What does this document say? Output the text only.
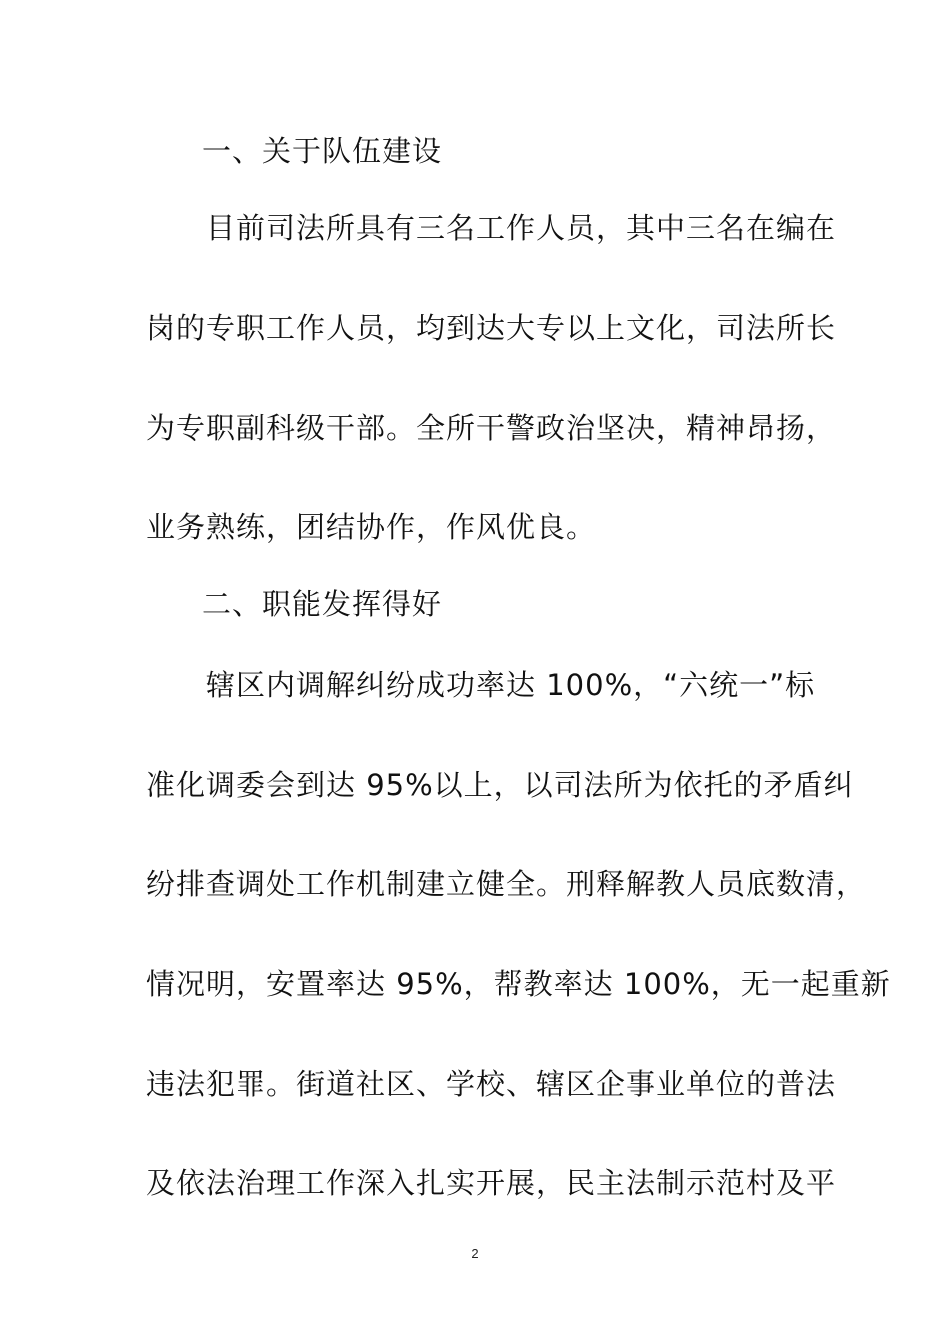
一、关于队伍建设
目前司法所具有三名工作人员，其中三名在编在
岗的专职工作人员，均到达大专以上文化，司法所长
为专职副科级干部。全所干警政治坚决，精神昂扬，
业务熟练，团结协作，作风优良。
二、职能发挥得好
辖区内调解纠纷成功率达 100%，“六统一”标
准化调委会到达 95%以上，以司法所为依托的矛盾纠
纷排查调处工作机制建立健全。刑释解教人员底数清，
情况明，安置率达 95%，帮教率达 100%，无一起重新
违法犯罪。街道社区、学校、辖区企事业单位的普法
及依法治理工作深入扎实开展，民主法制示范村及平
2
